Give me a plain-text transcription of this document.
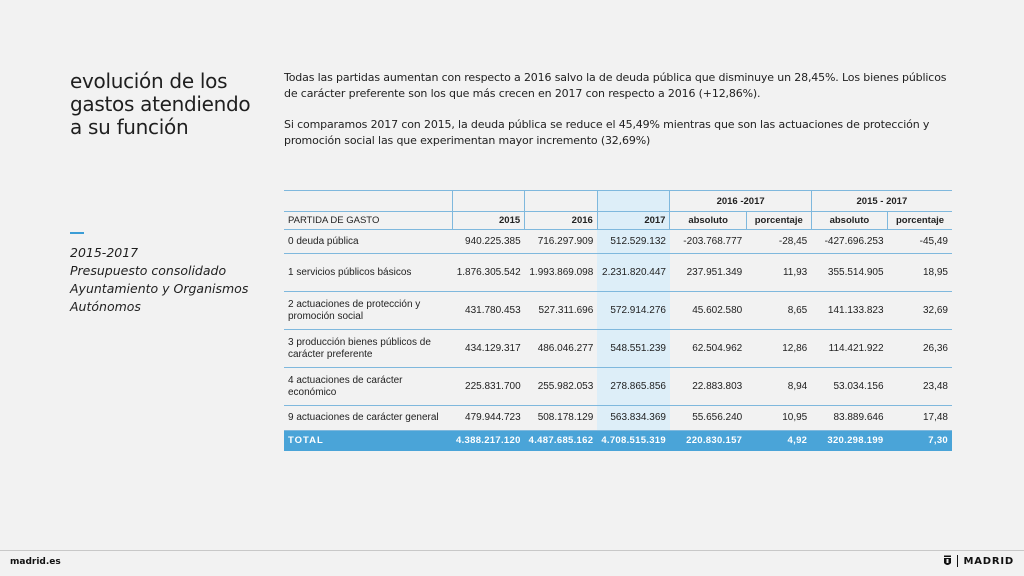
evolución de los
gastos atendiendo
a su función
2015-2017
Presupuesto consolidado
Ayuntamiento y Organismos
Autónomos

Todas las partidas aumentan con respecto a 2016 salvo la de deuda pública que disminuye un 28,45%. Los bienes públicos de carácter preferente son los que más crecen en 2017 con respecto a 2016 (+12,86%).

Si comparamos 2017 con 2015, la deuda pública se reduce el 45,49% mientras que son las actuaciones de protección y promoción social las que experimentan mayor incremento (32,69%)

				2016 -2017		2015 - 2017	
PARTIDA DE GASTO	2015	2016	2017	absoluto	porcentaje	absoluto	porcentaje
0 deuda pública	940.225.385	716.297.909	512.529.132	-203.768.777	-28,45	-427.696.253	-45,49
1 servicios públicos básicos	1.876.305.542	1.993.869.098	2.231.820.447	237.951.349	11,93	355.514.905	18,95
2 actuaciones de protección y promoción social	431.780.453	527.311.696	572.914.276	45.602.580	8,65	141.133.823	32,69
3 producción bienes públicos de carácter preferente	434.129.317	486.046.277	548.551.239	62.504.962	12,86	114.421.922	26,36
4 actuaciones de carácter económico	225.831.700	255.982.053	278.865.856	22.883.803	8,94	53.034.156	23,48
9 actuaciones de carácter general	479.944.723	508.178.129	563.834.369	55.656.240	10,95	83.889.646	17,48
TOTAL	4.388.217.120	4.487.685.162	4.708.515.319	220.830.157	4,92	320.298.199	7,30
madrid.es	MADRID
